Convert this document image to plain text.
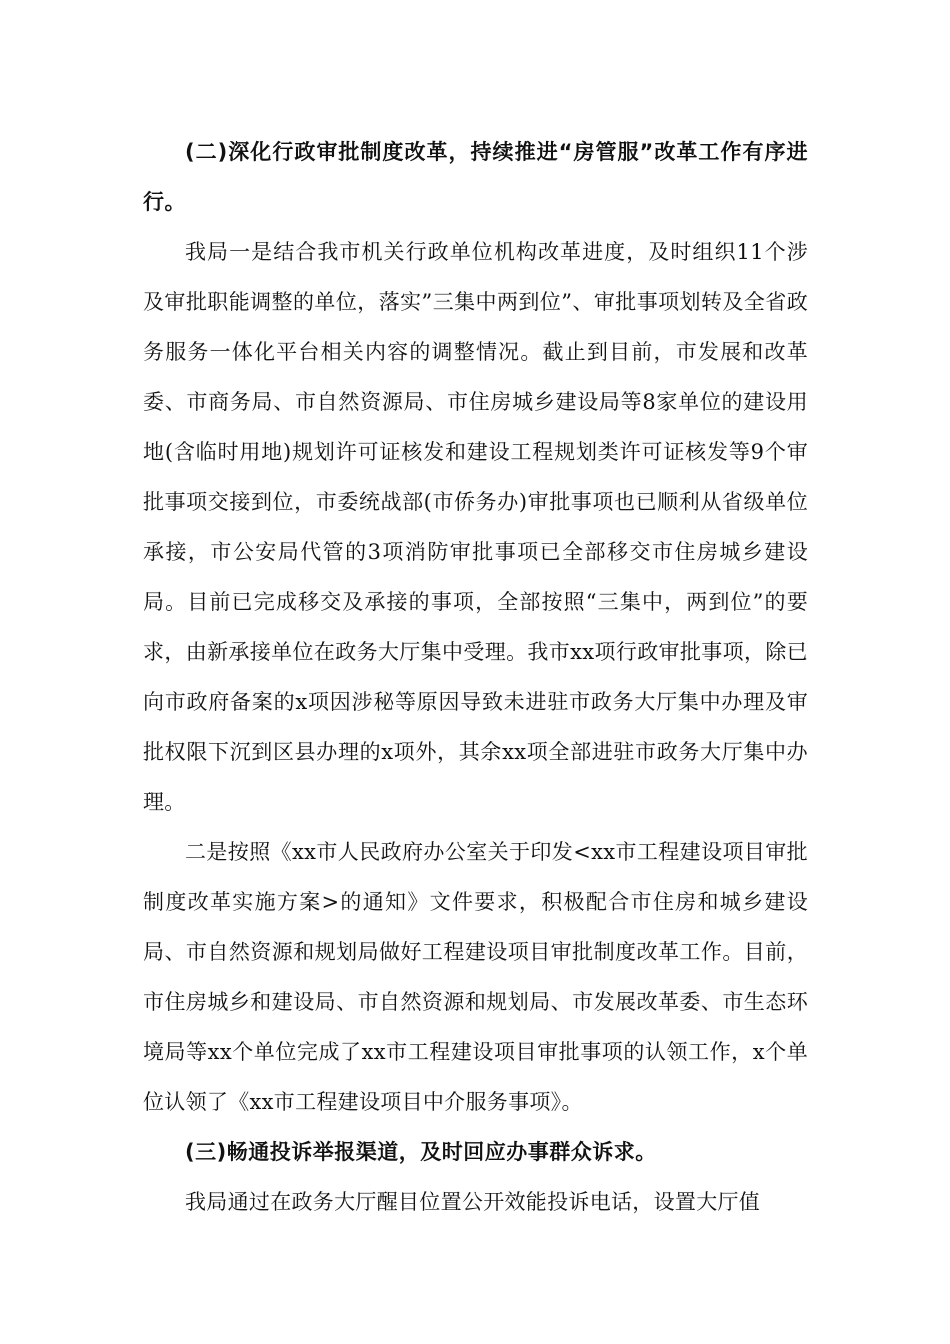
(二)深化行政审批制度改革，持续推进“房管服”改革工作有序进行。

我局一是结合我市机关行政单位机构改革进度，及时组织11个涉及审批职能调整的单位，落实”三集中两到位”、审批事项划转及全省政务服务一体化平台相关内容的调整情况。截止到目前，市发展和改革委、市商务局、市自然资源局、市住房城乡建设局等8家单位的建设用地(含临时用地)规划许可证核发和建设工程规划类许可证核发等9个审批事项交接到位，市委统战部(市侨务办)审批事项也已顺利从省级单位承接，市公安局代管的3项消防审批事项已全部移交市住房城乡建设局。目前已完成移交及承接的事项，全部按照“三集中，两到位”的要求，由新承接单位在政务大厅集中受理。我市xx项行政审批事项，除已向市政府备案的x项因涉秘等原因导致未进驻市政务大厅集中办理及审批权限下沉到区县办理的x项外，其余xx项全部进驻市政务大厅集中办理。

二是按照《xx市人民政府办公室关于印发<xx市工程建设项目审批制度改革实施方案>的通知》文件要求，积极配合市住房和城乡建设局、市自然资源和规划局做好工程建设项目审批制度改革工作。目前，市住房城乡和建设局、市自然资源和规划局、市发展改革委、市生态环境局等xx个单位完成了xx市工程建设项目审批事项的认领工作，x个单位认领了《xx市工程建设项目中介服务事项》。

(三)畅通投诉举报渠道，及时回应办事群众诉求。

我局通过在政务大厅醒目位置公开效能投诉电话，设置大厅值
